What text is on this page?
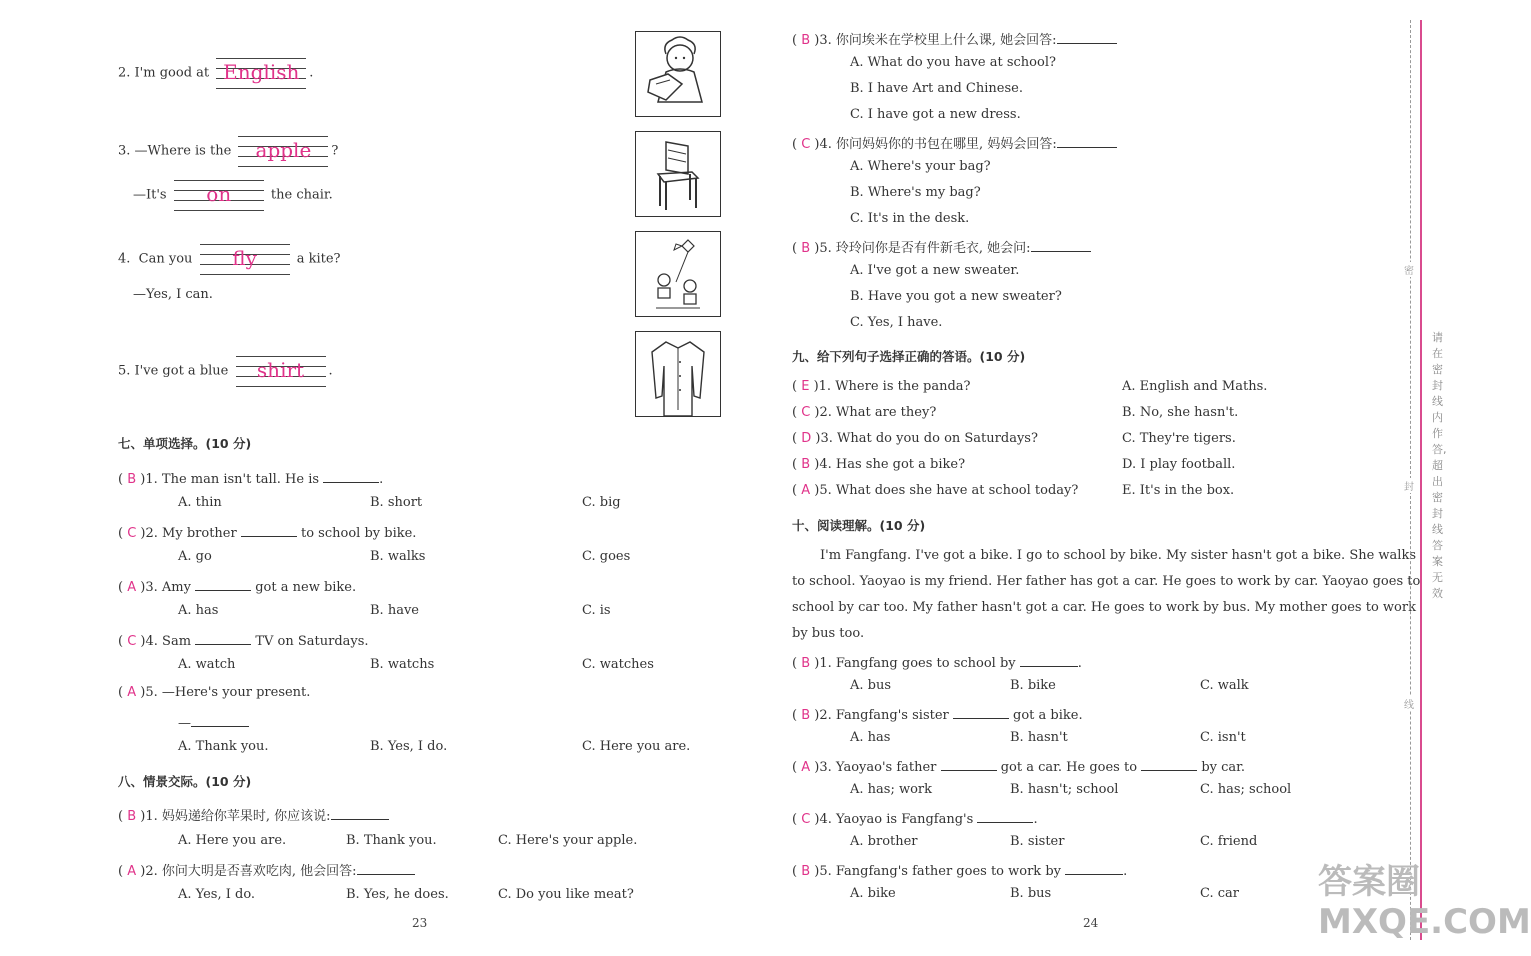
2. I'm good at English .
3. —Where is the	apple	?
—It's	on	the chair.
4. Can you	fly	a kite?
—Yes, I can.
5. I've got a blue	shirt	.
七、单项选择。(10 分)
( B )1. The man isn't tall. He is	.
A. thin	B. short	C. big
( C )2. My brother	to school by bike.
A. go	B. walks	C. goes
( A )3. Amy	got a new bike.
A. has	B. have	C. is
( C )4. Sam	TV on Saturdays.
A. watch	B. watchs	C. watches
( A )5. —Here's your present.
—
A. Thank you.	B. Yes, I do.	C. Here you are.
八、情景交际。(10 分)
( B )1. 妈妈递给你苹果时, 你应该说:
A. Here you are.	B. Thank you.	C. Here's your apple.
( A )2. 你问大明是否喜欢吃肉, 他会回答:
A. Yes, I do.	B. Yes, he does.	C. Do you like meat?
23
( B )3. 你问埃米在学校里上什么课, 她会回答:
A. What do you have at school?
B. I have Art and Chinese.
C. I have got a new dress.
( C )4. 你问妈妈你的书包在哪里, 妈妈会回答:
A. Where's your bag?
B. Where's my bag?
C. It's in the desk.
( B )5. 玲玲问你是否有件新毛衣, 她会问:
A. I've got a new sweater.
B. Have you got a new sweater?
C. Yes, I have.
九、给下列句子选择正确的答语。(10 分)
( E )1. Where is the panda?	A. English and Maths.
( C )2. What are they?	B. No, she hasn't.
( D )3. What do you do on Saturdays?	C. They're tigers.
( B )4. Has she got a bike?	D. I play football.
( A )5. What does she have at school today?	E. It's in the box.
十、阅读理解。(10 分)
I'm Fangfang. I've got a bike. I go to school by bike. My sister hasn't got a bike. She walks
to school. Yaoyao is my friend. Her father has got a car. He goes to work by car. Yaoyao goes to
school by car too. My father hasn't got a car. He goes to work by bus. My mother goes to work
by bus too.
( B )1. Fangfang goes to school by	.
A. bus	B. bike	C. walk
( B )2. Fangfang's sister	got a bike.
A. has	B. hasn't	C. isn't
( A )3. Yaoyao's father	got a car. He goes to	by car.
A. has; work	B. hasn't; school	C. has; school
( C )4. Yaoyao is Fangfang's	.
A. brother	B. sister	C. friend
( B )5. Fangfang's father goes to work by	.
A. bike	B. bus	C. car
24
密
封
线
请在密封线内作答,超出密封线答案无效
答案圈 MXQE.COM
